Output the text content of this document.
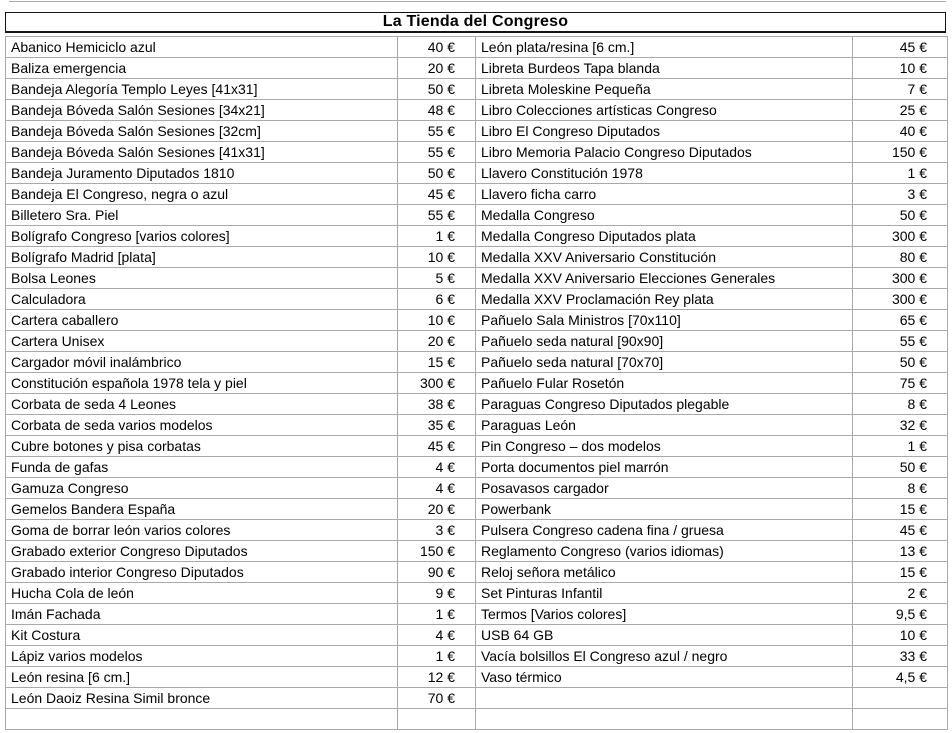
La Tienda del Congreso
Abanico Hemiciclo azul	40 €	León plata/resina [6 cm.]	45 €
Baliza emergencia	20 €	Libreta Burdeos Tapa blanda	10 €
Bandeja Alegoría Templo Leyes [41x31]	50 €	Libreta Moleskine Pequeña	7 €
Bandeja Bóveda Salón Sesiones [34x21]	48 €	Libro Colecciones artísticas Congreso	25 €
Bandeja Bóveda Salón Sesiones [32cm]	55 €	Libro El Congreso Diputados	40 €
Bandeja Bóveda Salón Sesiones [41x31]	55 €	Libro Memoria Palacio Congreso Diputados	150 €
Bandeja Juramento Diputados 1810	50 €	Llavero Constitución 1978	1 €
Bandeja El Congreso, negra o azul	45 €	Llavero ficha carro	3 €
Billetero Sra. Piel	55 €	Medalla Congreso	50 €
Bolígrafo Congreso [varios colores]	1 €	Medalla Congreso Diputados plata	300 €
Bolígrafo Madrid [plata]	10 €	Medalla XXV Aniversario Constitución	80 €
Bolsa Leones	5 €	Medalla XXV Aniversario Elecciones Generales	300 €
Calculadora	6 €	Medalla XXV Proclamación Rey plata	300 €
Cartera caballero	10 €	Pañuelo Sala Ministros [70x110]	65 €
Cartera Unisex	20 €	Pañuelo seda natural [90x90]	55 €
Cargador móvil inalámbrico	15 €	Pañuelo seda natural [70x70]	50 €
Constitución española 1978 tela y piel	300 €	Pañuelo Fular Rosetón	75 €
Corbata de seda 4 Leones	38 €	Paraguas Congreso Diputados plegable	8 €
Corbata de seda varios modelos	35 €	Paraguas León	32 €
Cubre botones y pisa corbatas	45 €	Pin Congreso – dos modelos	1 €
Funda de gafas	4 €	Porta documentos piel marrón	50 €
Gamuza Congreso	4 €	Posavasos cargador	8 €
Gemelos Bandera España	20 €	Powerbank	15 €
Goma de borrar león varios colores	3 €	Pulsera Congreso cadena fina / gruesa	45 €
Grabado exterior Congreso Diputados	150 €	Reglamento Congreso (varios idiomas)	13 €
Grabado interior Congreso Diputados	90 €	Reloj señora metálico	15 €
Hucha Cola de león	9 €	Set Pinturas Infantil	2 €
Imán Fachada	1 €	Termos [Varios colores]	9,5 €
Kit Costura	4 €	USB 64 GB	10 €
Lápiz varios modelos	1 €	Vacía bolsillos El Congreso azul / negro	33 €
León resina [6 cm.]	12 €	Vaso térmico	4,5 €
León Daoiz Resina Simil bronce	70 €		
